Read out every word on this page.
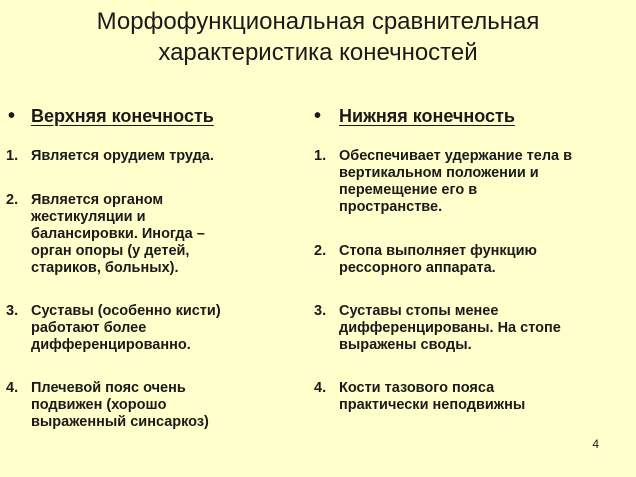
Морфофункциональная сравнительная
характеристика конечностей
• Верхняя конечность
1. Является орудием труда.
2. Является органом
жестикуляции и
балансировки. Иногда –
орган опоры (у детей,
стариков, больных).
3. Суставы (особенно кисти)
работают более
дифференцированно.
4. Плечевой пояс очень
подвижен (хорошо
выраженный синсаркоз)
• Нижняя конечность
1. Обеспечивает удержание тела в
вертикальном положении и
перемещение его в
пространстве.
2. Стопа выполняет функцию
рессорного аппарата.
3. Суставы стопы менее
дифференцированы. На стопе
выражены своды.
4. Кости тазового пояса
практически неподвижны
4
